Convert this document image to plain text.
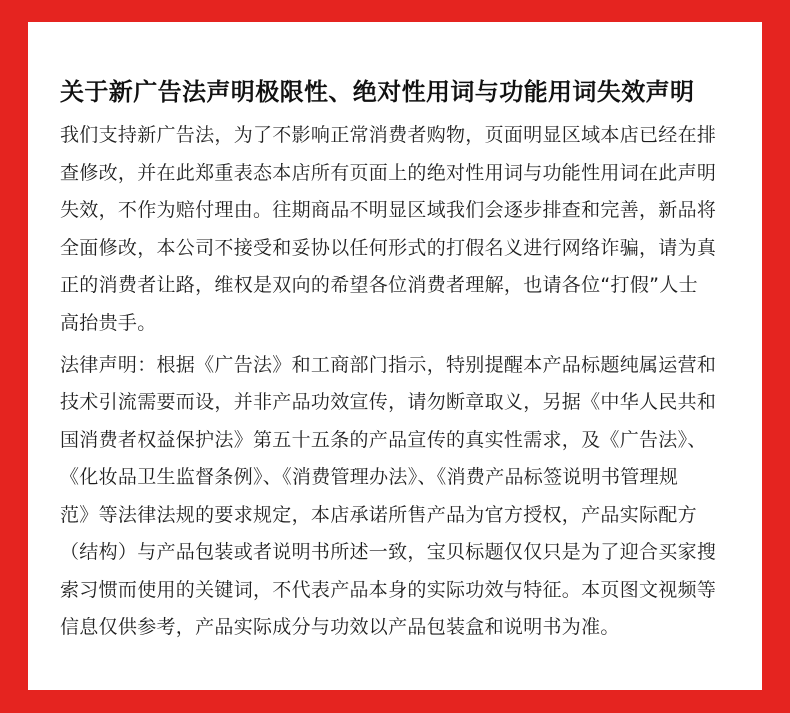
关于新广告法声明极限性、绝对性用词与功能用词失效声明
我们支持新广告法，为了不影响正常消费者购物，页面明显区域本店已经在排
查修改，并在此郑重表态本店所有页面上的绝对性用词与功能性用词在此声明
失效，不作为赔付理由。往期商品不明显区域我们会逐步排查和完善，新品将
全面修改，本公司不接受和妥协以任何形式的打假名义进行网络诈骗，请为真
正的消费者让路，维权是双向的希望各位消费者理解，也请各位“打假”人士
高抬贵手。
法律声明：根据《广告法》和工商部门指示，特别提醒本产品标题纯属运营和
技术引流需要而设，并非产品功效宣传，请勿断章取义，另据《中华人民共和
国消费者权益保护法》第五十五条的产品宣传的真实性需求，及《广告法》、
《化妆品卫生监督条例》、《消费管理办法》、《消费产品标签说明书管理规
范》等法律法规的要求规定，本店承诺所售产品为官方授权，产品实际配方
（结构）与产品包装或者说明书所述一致，宝贝标题仅仅只是为了迎合买家搜
索习惯而使用的关键词，不代表产品本身的实际功效与特征。本页图文视频等
信息仅供参考，产品实际成分与功效以产品包装盒和说明书为准。
